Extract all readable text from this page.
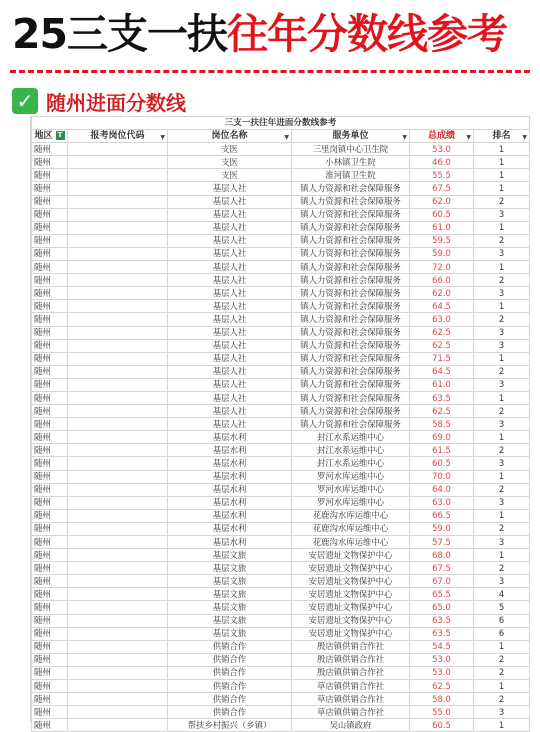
25三支一扶往年分数线参考
✓ 随州进面分数线
三支一扶往年进面分数线参考					
地区 T	报考岗位代码 ▼	岗位名称 ▼	服务单位 ▼	总成绩 ▼	排名 ▼

随州		支医	三里岗镇中心卫生院	53.0	1
随州		支医	小林镇卫生院	46.0	1
随州		支医	淮河镇卫生院	55.5	1
随州		基层人社	镇人力资源和社会保障服务	67.5	1
随州		基层人社	镇人力资源和社会保障服务	62.0	2
随州		基层人社	镇人力资源和社会保障服务	60.5	3
随州		基层人社	镇人力资源和社会保障服务	61.0	1
随州		基层人社	镇人力资源和社会保障服务	59.5	2
随州		基层人社	镇人力资源和社会保障服务	59.0	3
随州		基层人社	镇人力资源和社会保障服务	72.0	1
随州		基层人社	镇人力资源和社会保障服务	66.0	2
随州		基层人社	镇人力资源和社会保障服务	62.0	3
随州		基层人社	镇人力资源和社会保障服务	64.5	1
随州		基层人社	镇人力资源和社会保障服务	63.0	2
随州		基层人社	镇人力资源和社会保障服务	62.5	3
随州		基层人社	镇人力资源和社会保障服务	62.5	3
随州		基层人社	镇人力资源和社会保障服务	71.5	1
随州		基层人社	镇人力资源和社会保障服务	64.5	2
随州		基层人社	镇人力资源和社会保障服务	61.0	3
随州		基层人社	镇人力资源和社会保障服务	63.5	1
随州		基层人社	镇人力资源和社会保障服务	62.5	2
随州		基层人社	镇人力资源和社会保障服务	58.5	3
随州		基层水利	封江水系运维中心	69.0	1
随州		基层水利	封江水系运维中心	61.5	2
随州		基层水利	封江水系运维中心	60.5	3
随州		基层水利	罗河水库运维中心	70.0	1
随州		基层水利	罗河水库运维中心	64.0	2
随州		基层水利	罗河水库运维中心	63.0	3
随州		基层水利	花鹿沟水库运维中心	66.5	1
随州		基层水利	花鹿沟水库运维中心	59.0	2
随州		基层水利	花鹿沟水库运维中心	57.5	3
随州		基层文旅	安居遗址文物保护中心	68.0	1
随州		基层文旅	安居遗址文物保护中心	67.5	2
随州		基层文旅	安居遗址文物保护中心	67.0	3
随州		基层文旅	安居遗址文物保护中心	65.5	4
随州		基层文旅	安居遗址文物保护中心	65.0	5
随州		基层文旅	安居遗址文物保护中心	63.5	6
随州		基层文旅	安居遗址文物保护中心	63.5	6
随州		供销合作	殷店镇供销合作社	54.5	1
随州		供销合作	殷店镇供销合作社	53.0	2
随州		供销合作	殷店镇供销合作社	53.0	2
随州		供销合作	草店镇供销合作社	62.5	1
随州		供销合作	草店镇供销合作社	58.0	2
随州		供销合作	草店镇供销合作社	55.0	3
随州		帮扶乡村振兴（乡镇）	吴山镇政府	60.5	1
